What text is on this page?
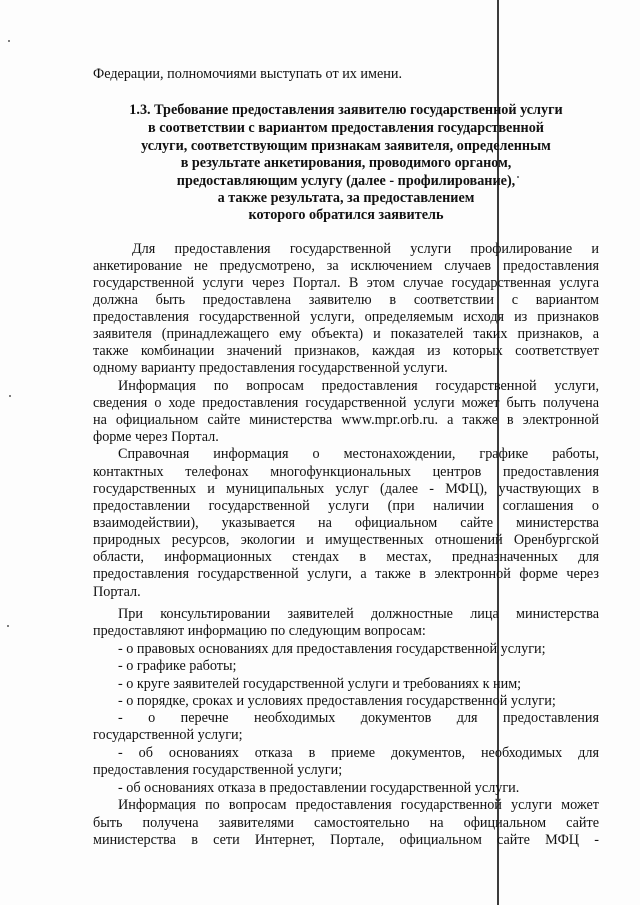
Федерации, полномочиями выступать от их имени.
1.3. Требование предоставления заявителю государственной услуги
в соответствии с вариантом предоставления государственной
услуги, соответствующим признакам заявителя, определенным
в результате анкетирования, проводимого органом,
предоставляющим услугу (далее - профилирование),
а также результата, за предоставлением
которого обратился заявитель
Для предоставления государственной услуги профилирование и
анкетирование не предусмотрено, за исключением случаев предоставления
государственной услуги через Портал. В этом случае государственная услуга
должна быть предоставлена заявителю в соответствии с вариантом
предоставления государственной услуги, определяемым исходя из признаков
заявителя (принадлежащего ему объекта) и показателей таких признаков, а
также комбинации значений признаков, каждая из которых соответствует
одному варианту предоставления государственной услуги.
Информация по вопросам предоставления государственной услуги,
сведения о ходе предоставления государственной услуги может быть получена
на официальном сайте министерства www.mpr.orb.ru. а также в электронной
форме через Портал.
Справочная информация о местонахождении, графике работы,
контактных телефонах многофункциональных центров предоставления
государственных и муниципальных услуг (далее - МФЦ), участвующих в
предоставлении государственной услуги (при наличии соглашения о
взаимодействии), указывается на официальном сайте министерства
природных ресурсов, экологии и имущественных отношений Оренбургской
области, информационных стендах в местах, предназначенных для
предоставления государственной услуги, а также в электронной форме через
Портал.
При консультировании заявителей должностные лица министерства
предоставляют информацию по следующим вопросам:
- о правовых основаниях для предоставления государственной услуги;
- о графике работы;
- о круге заявителей государственной услуги и требованиях к ним;
- о порядке, сроках и условиях предоставления государственной услуги;
- о перечне необходимых документов для предоставления
государственной услуги;
- об основаниях отказа в приеме документов, необходимых для
предоставления государственной услуги;
- об основаниях отказа в предоставлении государственной услуги.
Информация по вопросам предоставления государственной услуги может
быть получена заявителями самостоятельно на официальном сайте
министерства в сети Интернет, Портале, официальном сайте МФЦ -
